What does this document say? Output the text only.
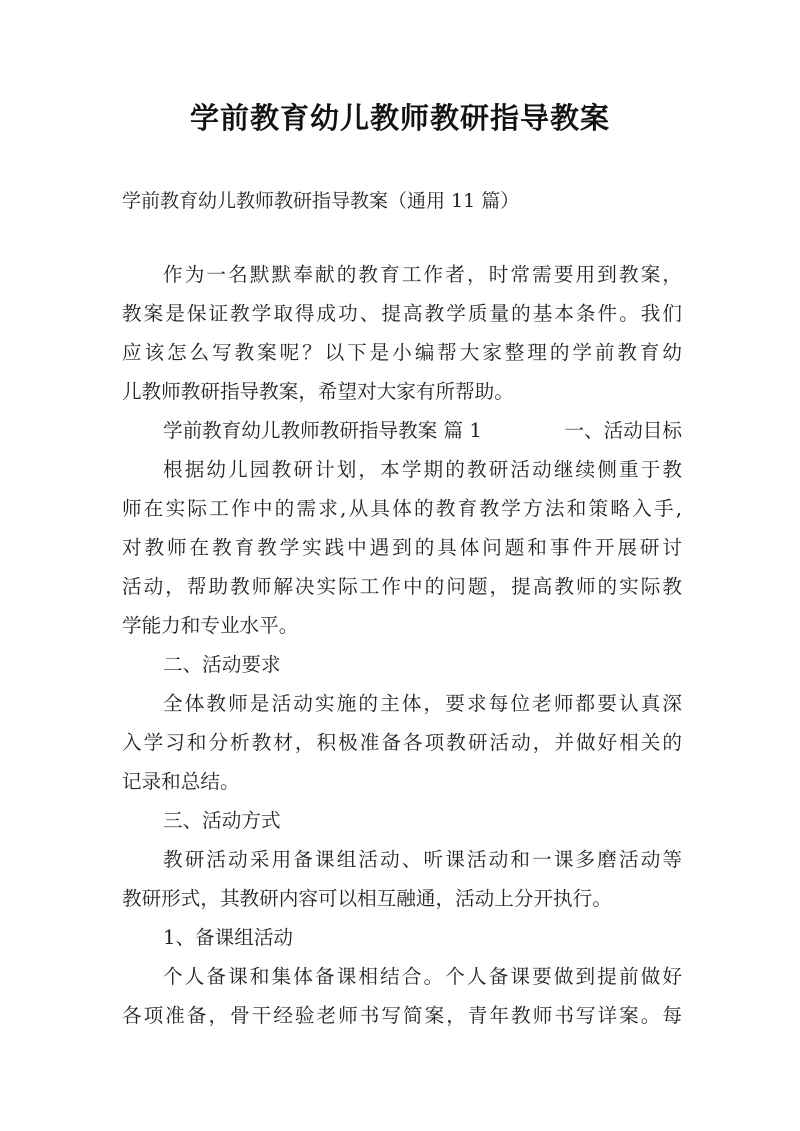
学前教育幼儿教师教研指导教案
学前教育幼儿教师教研指导教案（通用 11 篇）
作为一名默默奉献的教育工作者，时常需要用到教案，
教案是保证教学取得成功、提高教学质量的基本条件。我们
应该怎么写教案呢？以下是小编帮大家整理的学前教育幼
儿教师教研指导教案，希望对大家有所帮助。
学前教育幼儿教师教研指导教案 篇 1	一、活动目标
根据幼儿园教研计划，本学期的教研活动继续侧重于教
师在实际工作中的需求,从具体的教育教学方法和策略入手,
对教师在教育教学实践中遇到的具体问题和事件开展研讨
活动，帮助教师解决实际工作中的问题，提高教师的实际教
学能力和专业水平。
二、活动要求
全体教师是活动实施的主体，要求每位老师都要认真深
入学习和分析教材，积极准备各项教研活动，并做好相关的
记录和总结。
三、活动方式
教研活动采用备课组活动、听课活动和一课多磨活动等
教研形式，其教研内容可以相互融通，活动上分开执行。
1、备课组活动
个人备课和集体备课相结合。个人备课要做到提前做好
各项准备，骨干经验老师书写简案，青年教师书写详案。每
